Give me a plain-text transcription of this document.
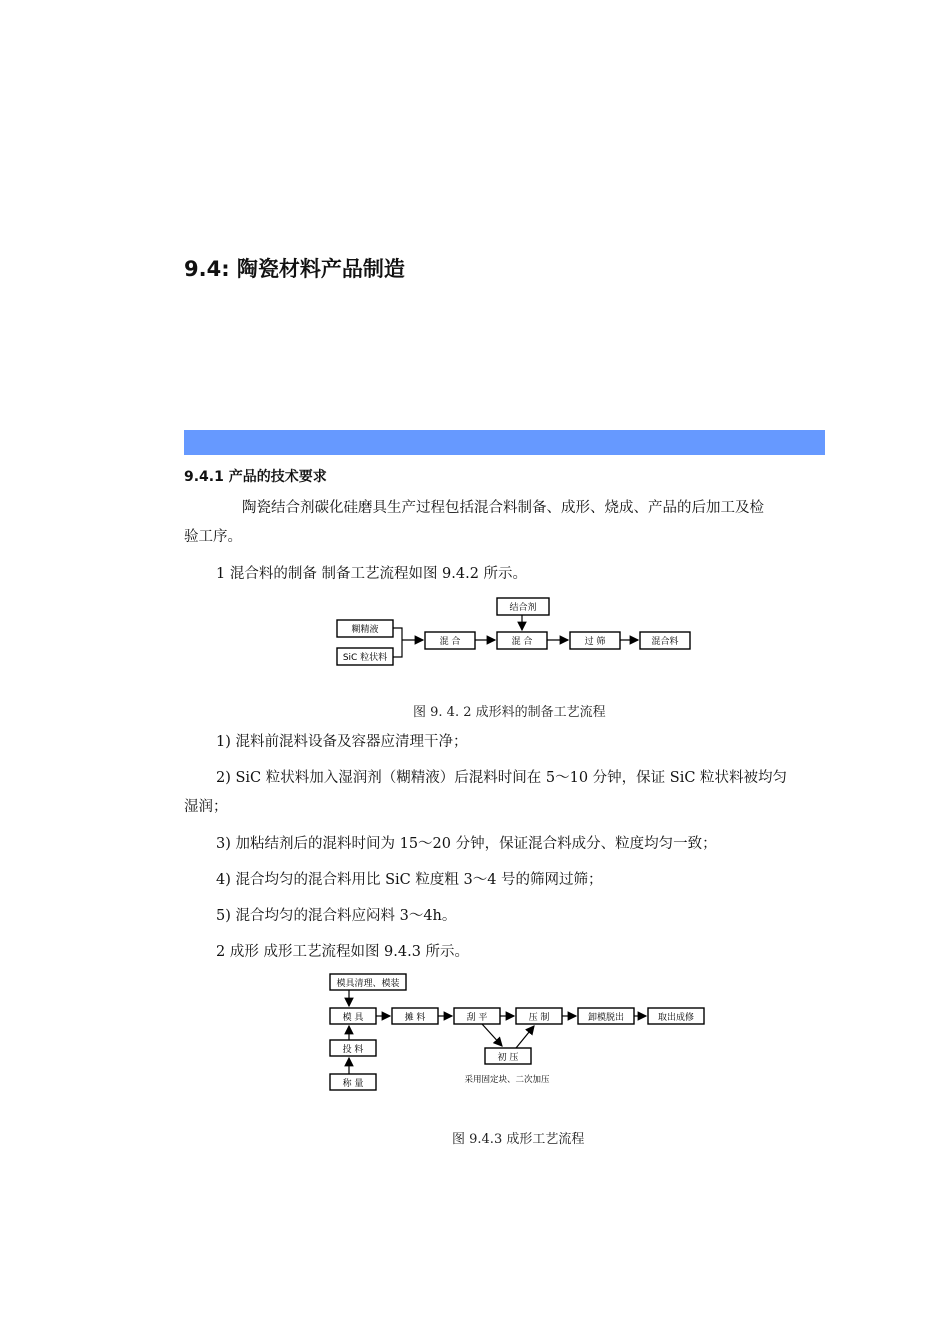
9.4: 陶瓷材料产品制造
9.4.1 产品的技术要求
陶瓷结合剂碳化硅磨具生产过程包括混合料制备、成形、烧成、产品的后加工及检
验工序。
1 混合料的制备 制备工艺流程如图 9.4.2 所示。
糊精液
SiC 粒状料
混 合
结合剂
混 合	过 筛	混合料
图 9. 4. 2 成形料的制备工艺流程
1) 混料前混料设备及容器应清理干净；
2) SiC 粒状料加入湿润剂（糊精液）后混料时间在 5～10 分钟，保证 SiC 粒状料被均匀
湿润；
3) 加粘结剂后的混料时间为 15～20 分钟，保证混合料成分、粒度均匀一致；
4) 混合均匀的混合料用比 SiC 粒度粗 3～4 号的筛网过筛；
5) 混合均匀的混合料应闷料 3～4h。
2 成形 成形工艺流程如图 9.4.3 所示。
模具清理、模装
模 具
投 料
称 量
摊 料	刮 平	压 制
初 压
卸模脱出	取出成修
采用固定块、二次加压
图 9.4.3 成形工艺流程
